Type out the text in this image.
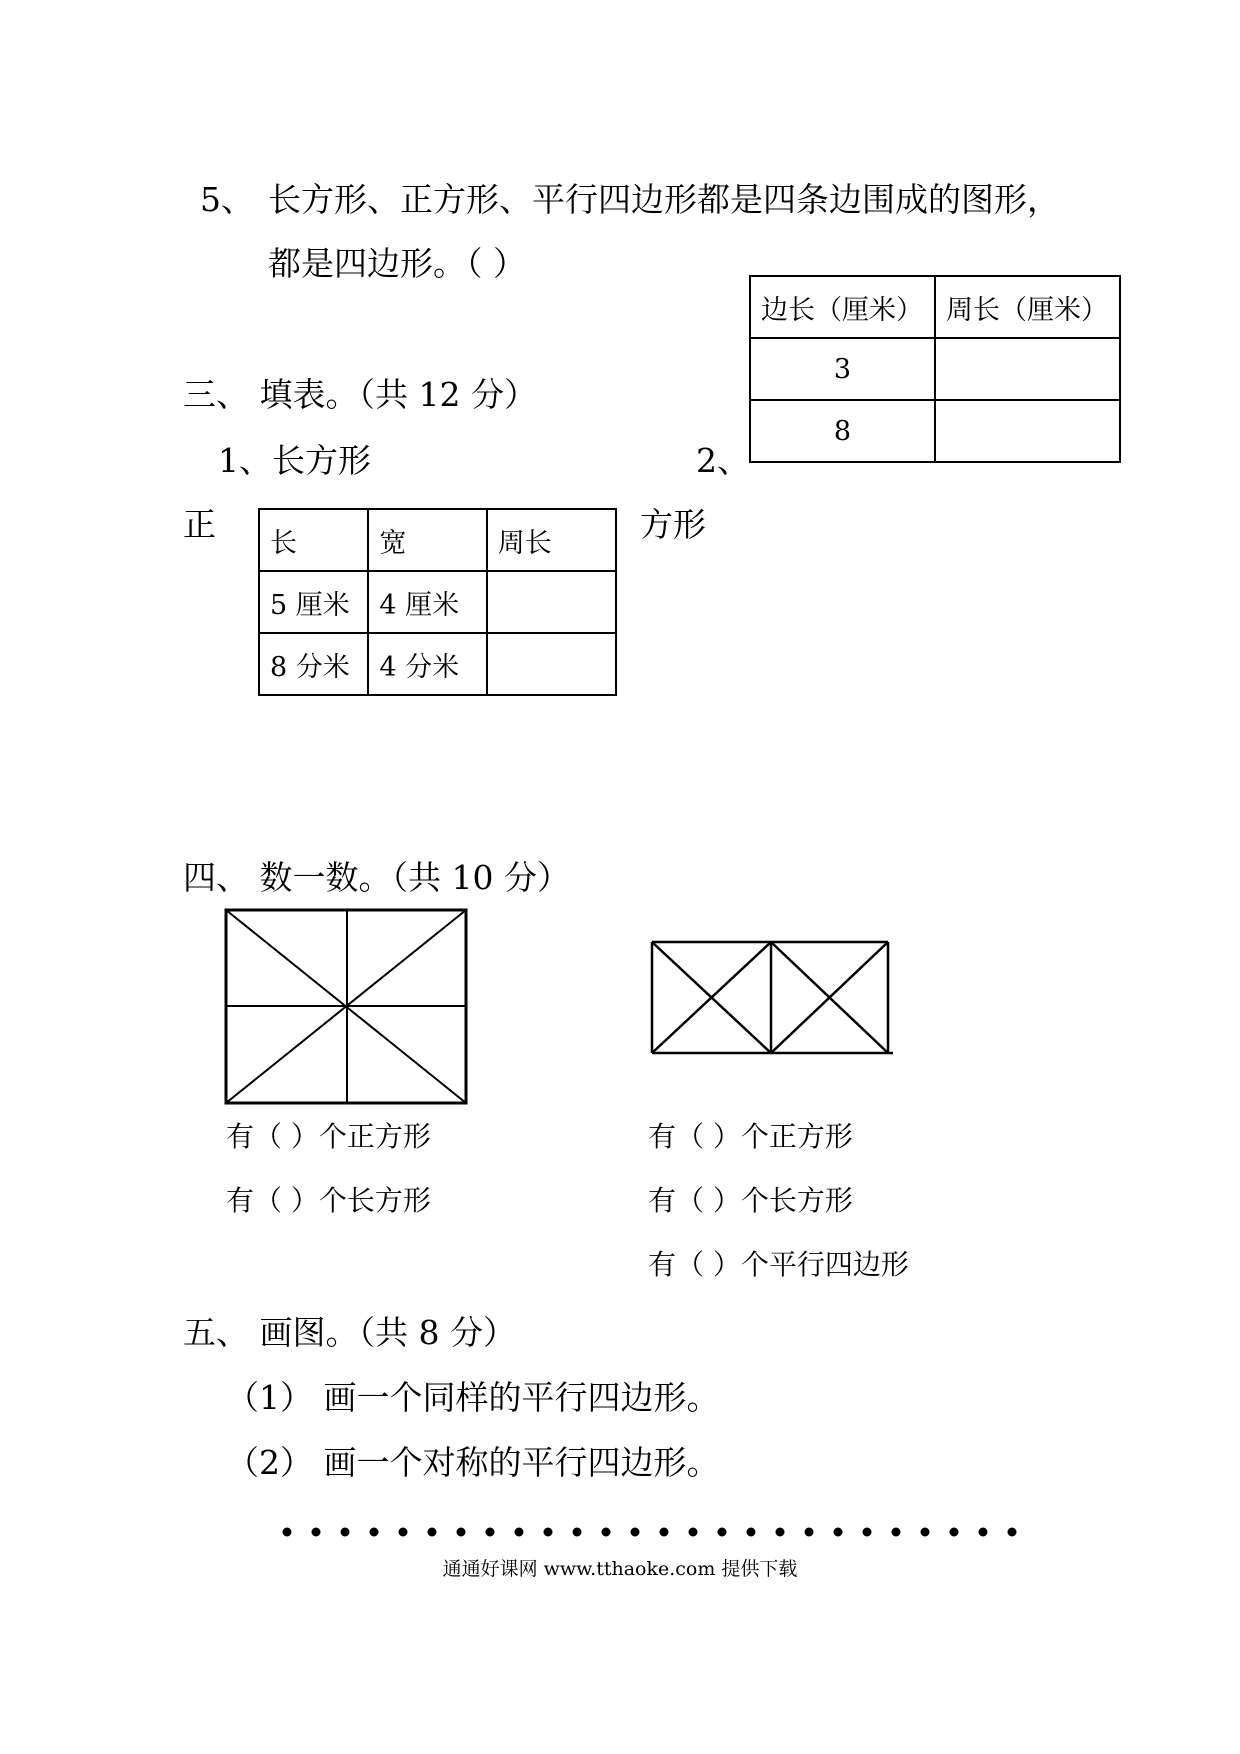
5、 长方形、正方形、平行四边形都是四条边围成的图形，
都是四边形。（ ）
三、 填表。（共 12 分）
1、长方形	2、
正	方形
边长（厘米）	周长（厘米）
3	
8	
长	宽	周长
5 厘米	4 厘米	
8 分米	4 分米	
四、 数一数。（共 10 分）
有（ ）个正方形
有（ ）个长方形
有（ ）个正方形
有（ ）个长方形
有（ ）个平行四边形
五、 画图。（共 8 分）
（1） 画一个同样的平行四边形。
（2） 画一个对称的平行四边形。
通通好课网 www.tthaoke.com 提供下载
